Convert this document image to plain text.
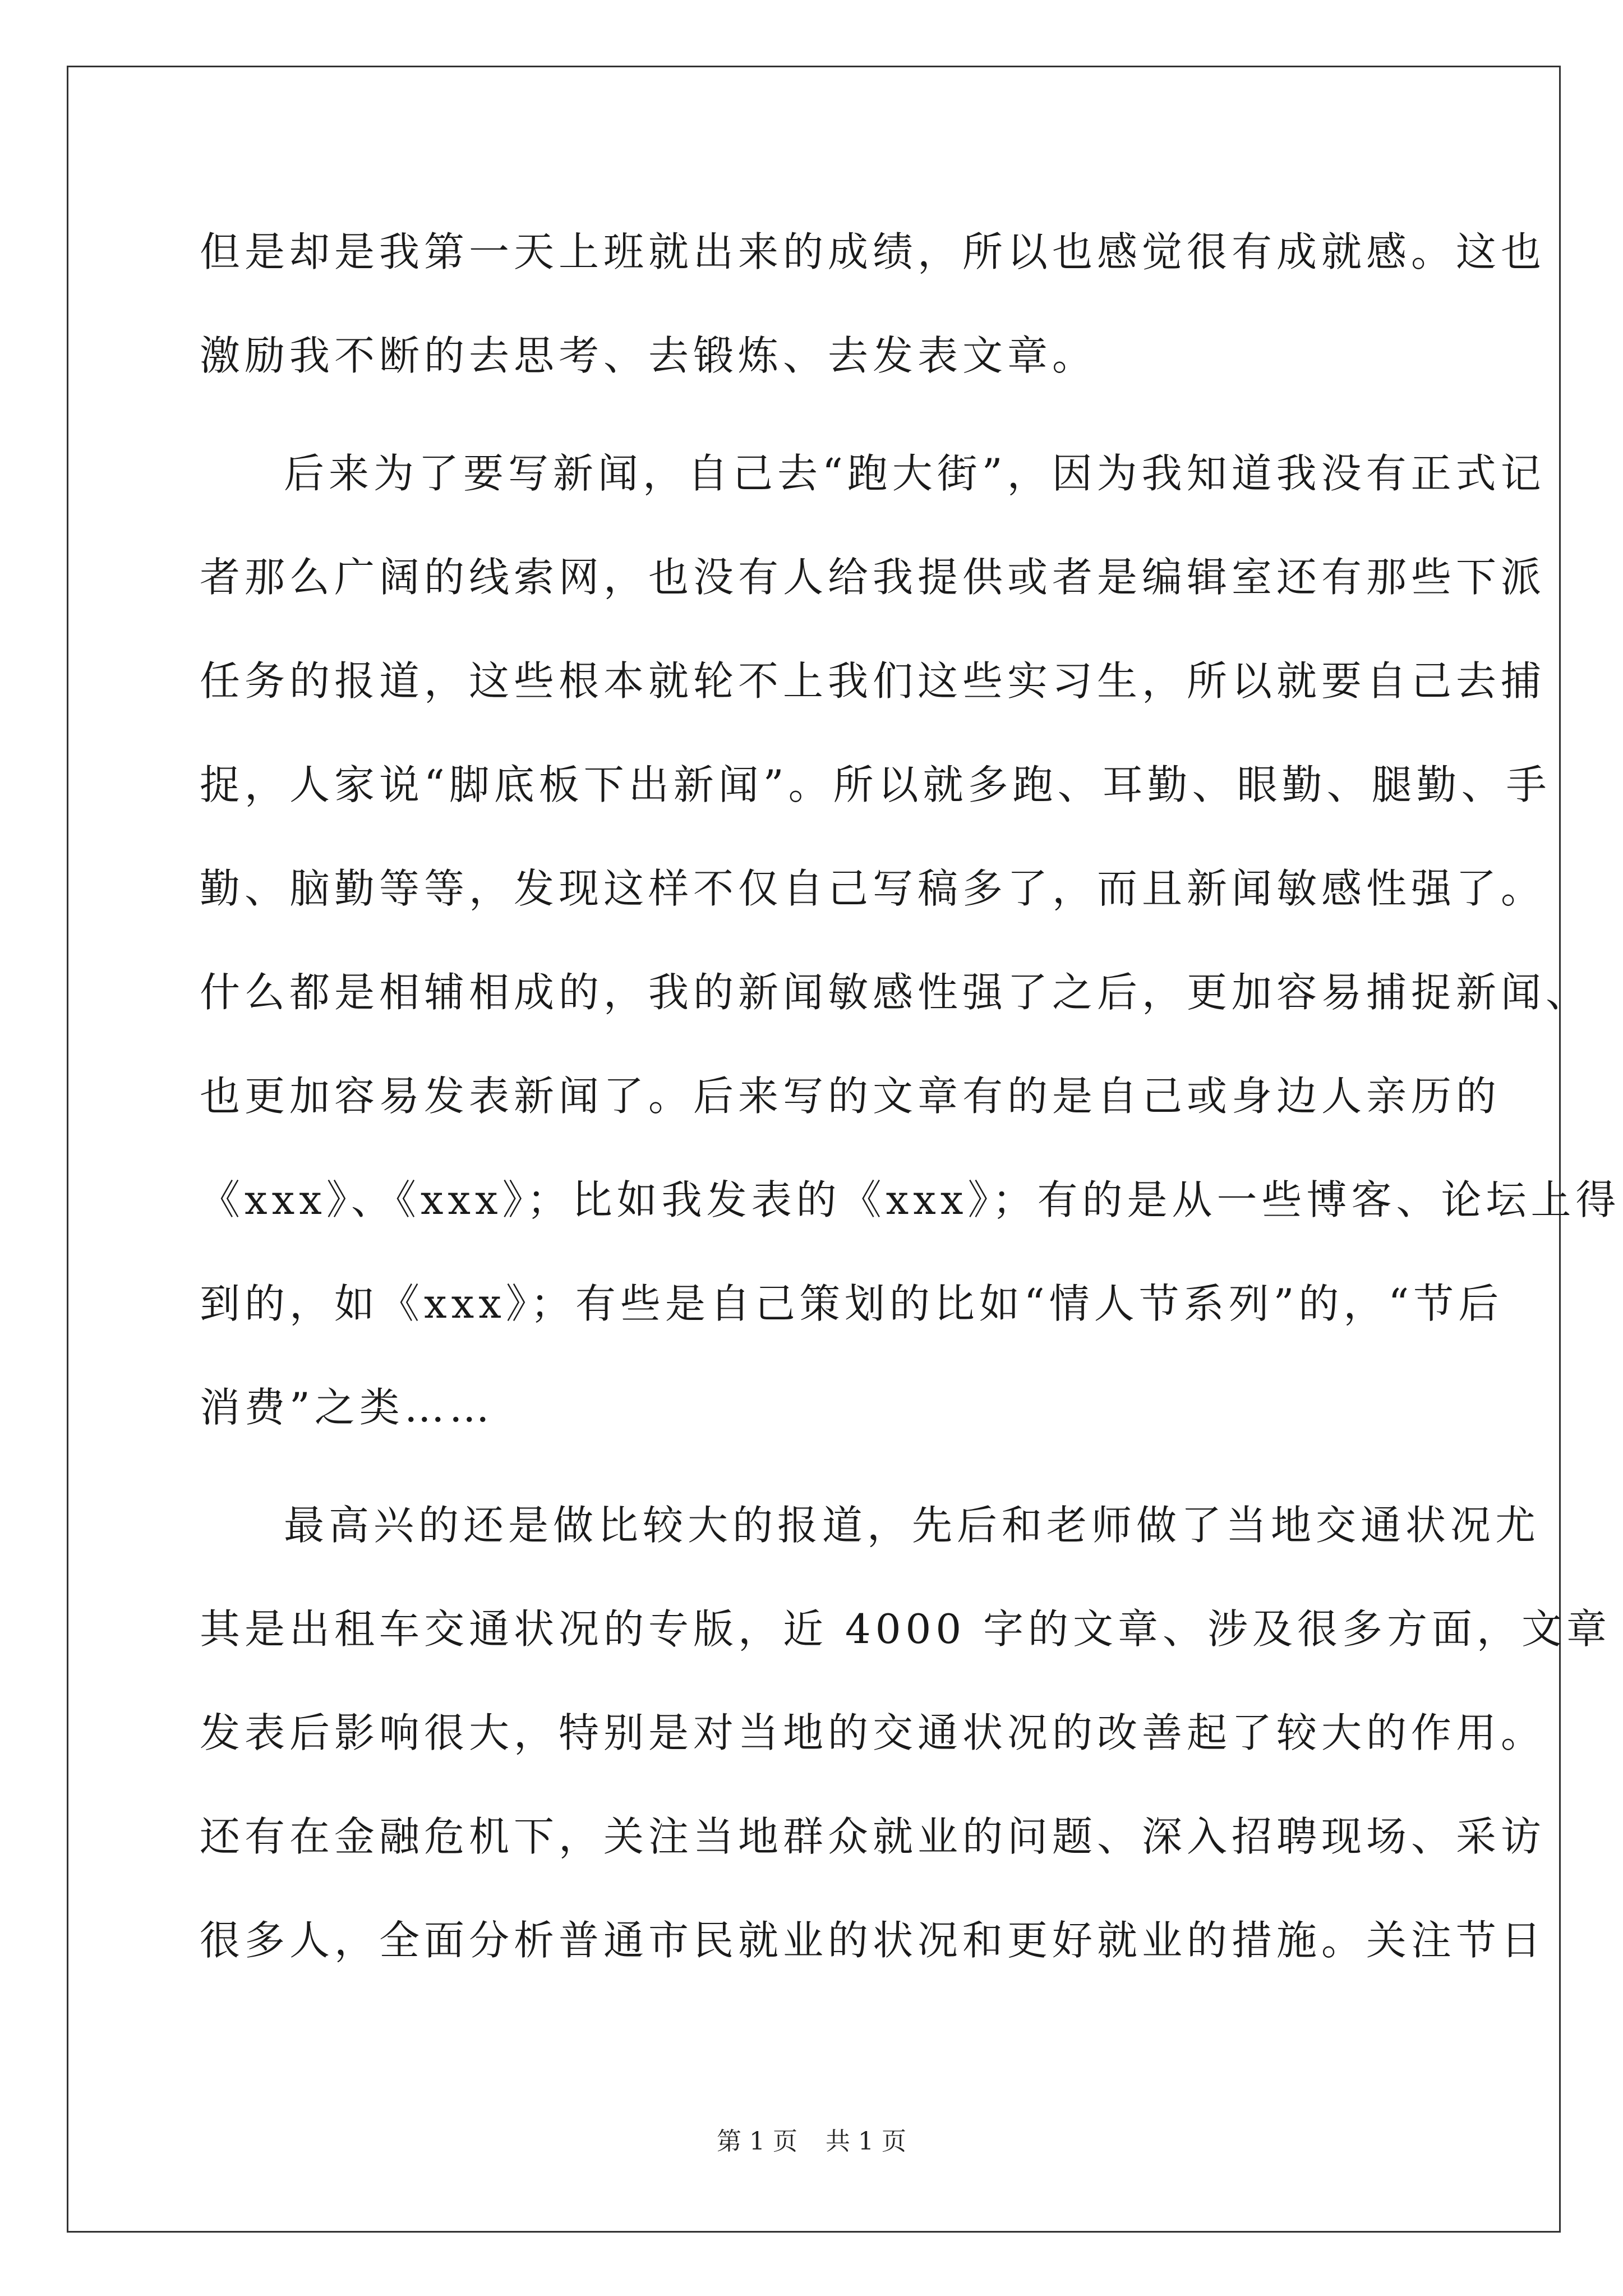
但是却是我第一天上班就出来的成绩，所以也感觉很有成就感。这也
激励我不断的去思考、去锻炼、去发表文章。
后来为了要写新闻，自己去“跑大街”，因为我知道我没有正式记
者那么广阔的线索网，也没有人给我提供或者是编辑室还有那些下派
任务的报道，这些根本就轮不上我们这些实习生，所以就要自己去捕
捉，人家说“脚底板下出新闻”。所以就多跑、耳勤、眼勤、腿勤、手
勤、脑勤等等，发现这样不仅自己写稿多了，而且新闻敏感性强了。
什么都是相辅相成的，我的新闻敏感性强了之后，更加容易捕捉新闻、
也更加容易发表新闻了。后来写的文章有的是自己或身边人亲历的
《xxx》、《xxx》；比如我发表的《xxx》；有的是从一些博客、论坛上得
到的，如《xxx》；有些是自己策划的比如“情人节系列”的，“节后
消费”之类……
最高兴的还是做比较大的报道，先后和老师做了当地交通状况尤
其是出租车交通状况的专版，近 4000 字的文章、涉及很多方面，文章
发表后影响很大，特别是对当地的交通状况的改善起了较大的作用。
还有在金融危机下，关注当地群众就业的问题、深入招聘现场、采访
很多人，全面分析普通市民就业的状况和更好就业的措施。关注节日
第 1 页 共 1 页
